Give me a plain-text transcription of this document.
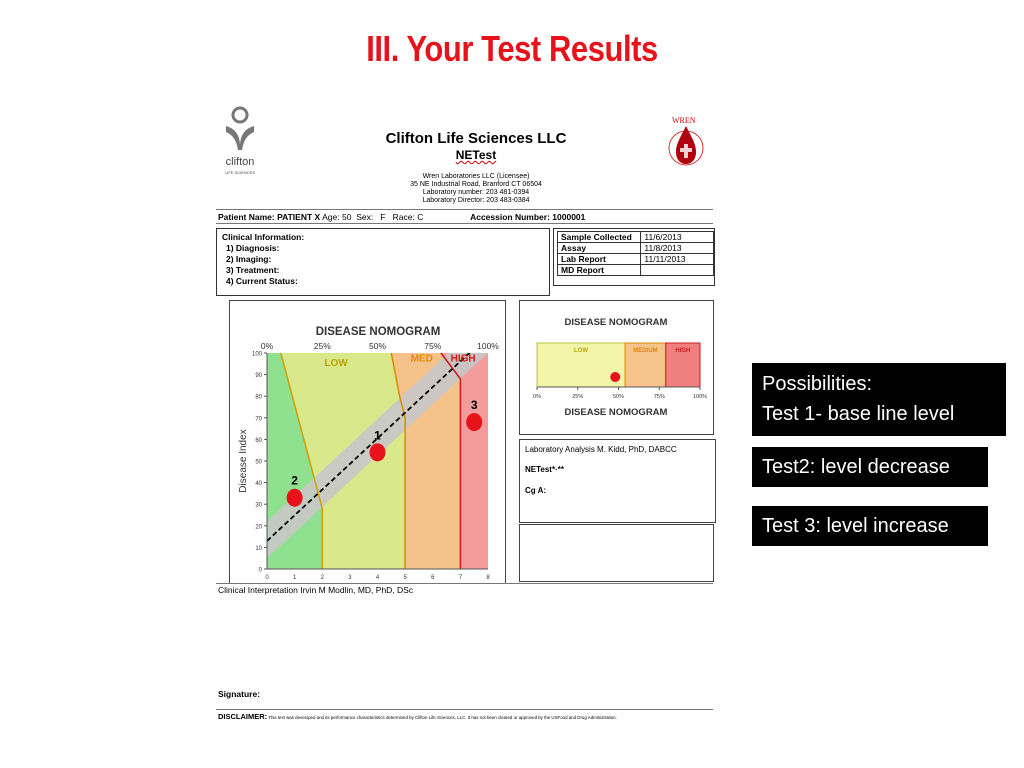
III. Your Test Results
clifton
LIFE SCIENCES
WREN
Clifton Life Sciences LLC
NETest
Wren Laboratories LLC (Licensee)
35 NE Industrial Road, Branford CT 06504
Laboratory number: 203 481-0394
Laboratory Director: 203 483-0384
Patient Name: PATIENT X Age: 50 Sex: F Race: C	Accession Number: 1000001
Clinical Information:
1) Diagnosis:
2) Imaging:
3) Treatment:
4) Current Status:
Sample Collected	11/6/2013
Assay	11/8/2013
Lab Report	11/11/2013
MD Report	
DISEASE NOMOGRAM
0%	25%	50%	75%	100%
LOW	MED HIGH
0
10
20
30
40
50
60
70
80
90
100
0	1	2	3	4	5	6	7	8
Disease Index	1
2
3
DISEASE NOMOGRAM
LOW	MEDIUM	HIGH
0%	25%	50%	75%	100%
DISEASE NOMOGRAM
Laboratory Analysis M. Kidd, PhD, DABCC
NETest*·**
Cg A:
Clinical Interpretation Irvin M Modlin, MD, PhD, DSc
Signature:
DISCLAIMER: This test was developed and its performance characteristics determined by Clifton Life Sciences, LLC. It has not been cleared or approved by the USFood and Drug Administration.
Possibilities:
Test 1- base line level
Test2: level decrease
Test 3: level increase
